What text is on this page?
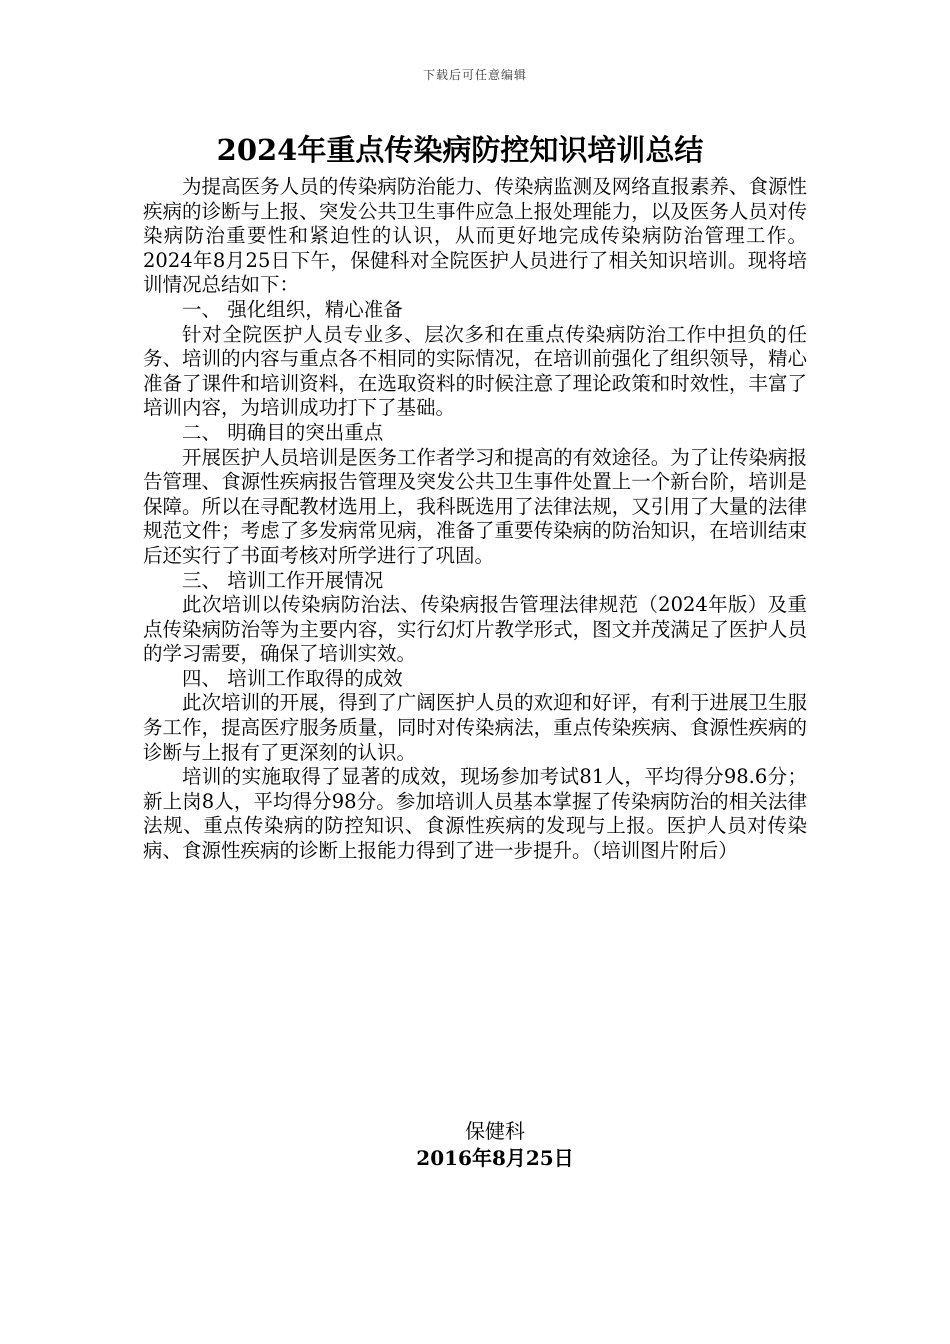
下载后可任意编辑
2024年重点传染病防控知识培训总结

为提高医务人员的传染病防治能力、传染病监测及网络直报素养、食源性疾病的诊断与上报、突发公共卫生事件应急上报处理能力，以及医务人员对传染病防治重要性和紧迫性的认识，从而更好地完成传染病防治管理工作。2024年8月25日下午，保健科对全院医护人员进行了相关知识培训。现将培训情况总结如下：

一、 强化组织，精心准备

针对全院医护人员专业多、层次多和在重点传染病防治工作中担负的任务、培训的内容与重点各不相同的实际情况，在培训前强化了组织领导，精心准备了课件和培训资料，在选取资料的时候注意了理论政策和时效性，丰富了培训内容，为培训成功打下了基础。

二、 明确目的突出重点

开展医护人员培训是医务工作者学习和提高的有效途径。为了让传染病报告管理、食源性疾病报告管理及突发公共卫生事件处置上一个新台阶，培训是保障。所以在寻配教材选用上，我科既选用了法律法规，又引用了大量的法律规范文件；考虑了多发病常见病，准备了重要传染病的防治知识，在培训结束后还实行了书面考核对所学进行了巩固。

三、 培训工作开展情况

此次培训以传染病防治法、传染病报告管理法律规范（2024年版）及重点传染病防治等为主要内容，实行幻灯片教学形式，图文并茂满足了医护人员的学习需要，确保了培训实效。

四、 培训工作取得的成效

此次培训的开展，得到了广阔医护人员的欢迎和好评，有利于进展卫生服务工作，提高医疗服务质量，同时对传染病法，重点传染疾病、食源性疾病的诊断与上报有了更深刻的认识。

培训的实施取得了显著的成效，现场参加考试81人，平均得分98.6分；新上岗8人，平均得分98分。参加培训人员基本掌握了传染病防治的相关法律法规、重点传染病的防控知识、食源性疾病的发现与上报。医护人员对传染病、食源性疾病的诊断上报能力得到了进一步提升。（培训图片附后）

保健科
2016年8月25日
